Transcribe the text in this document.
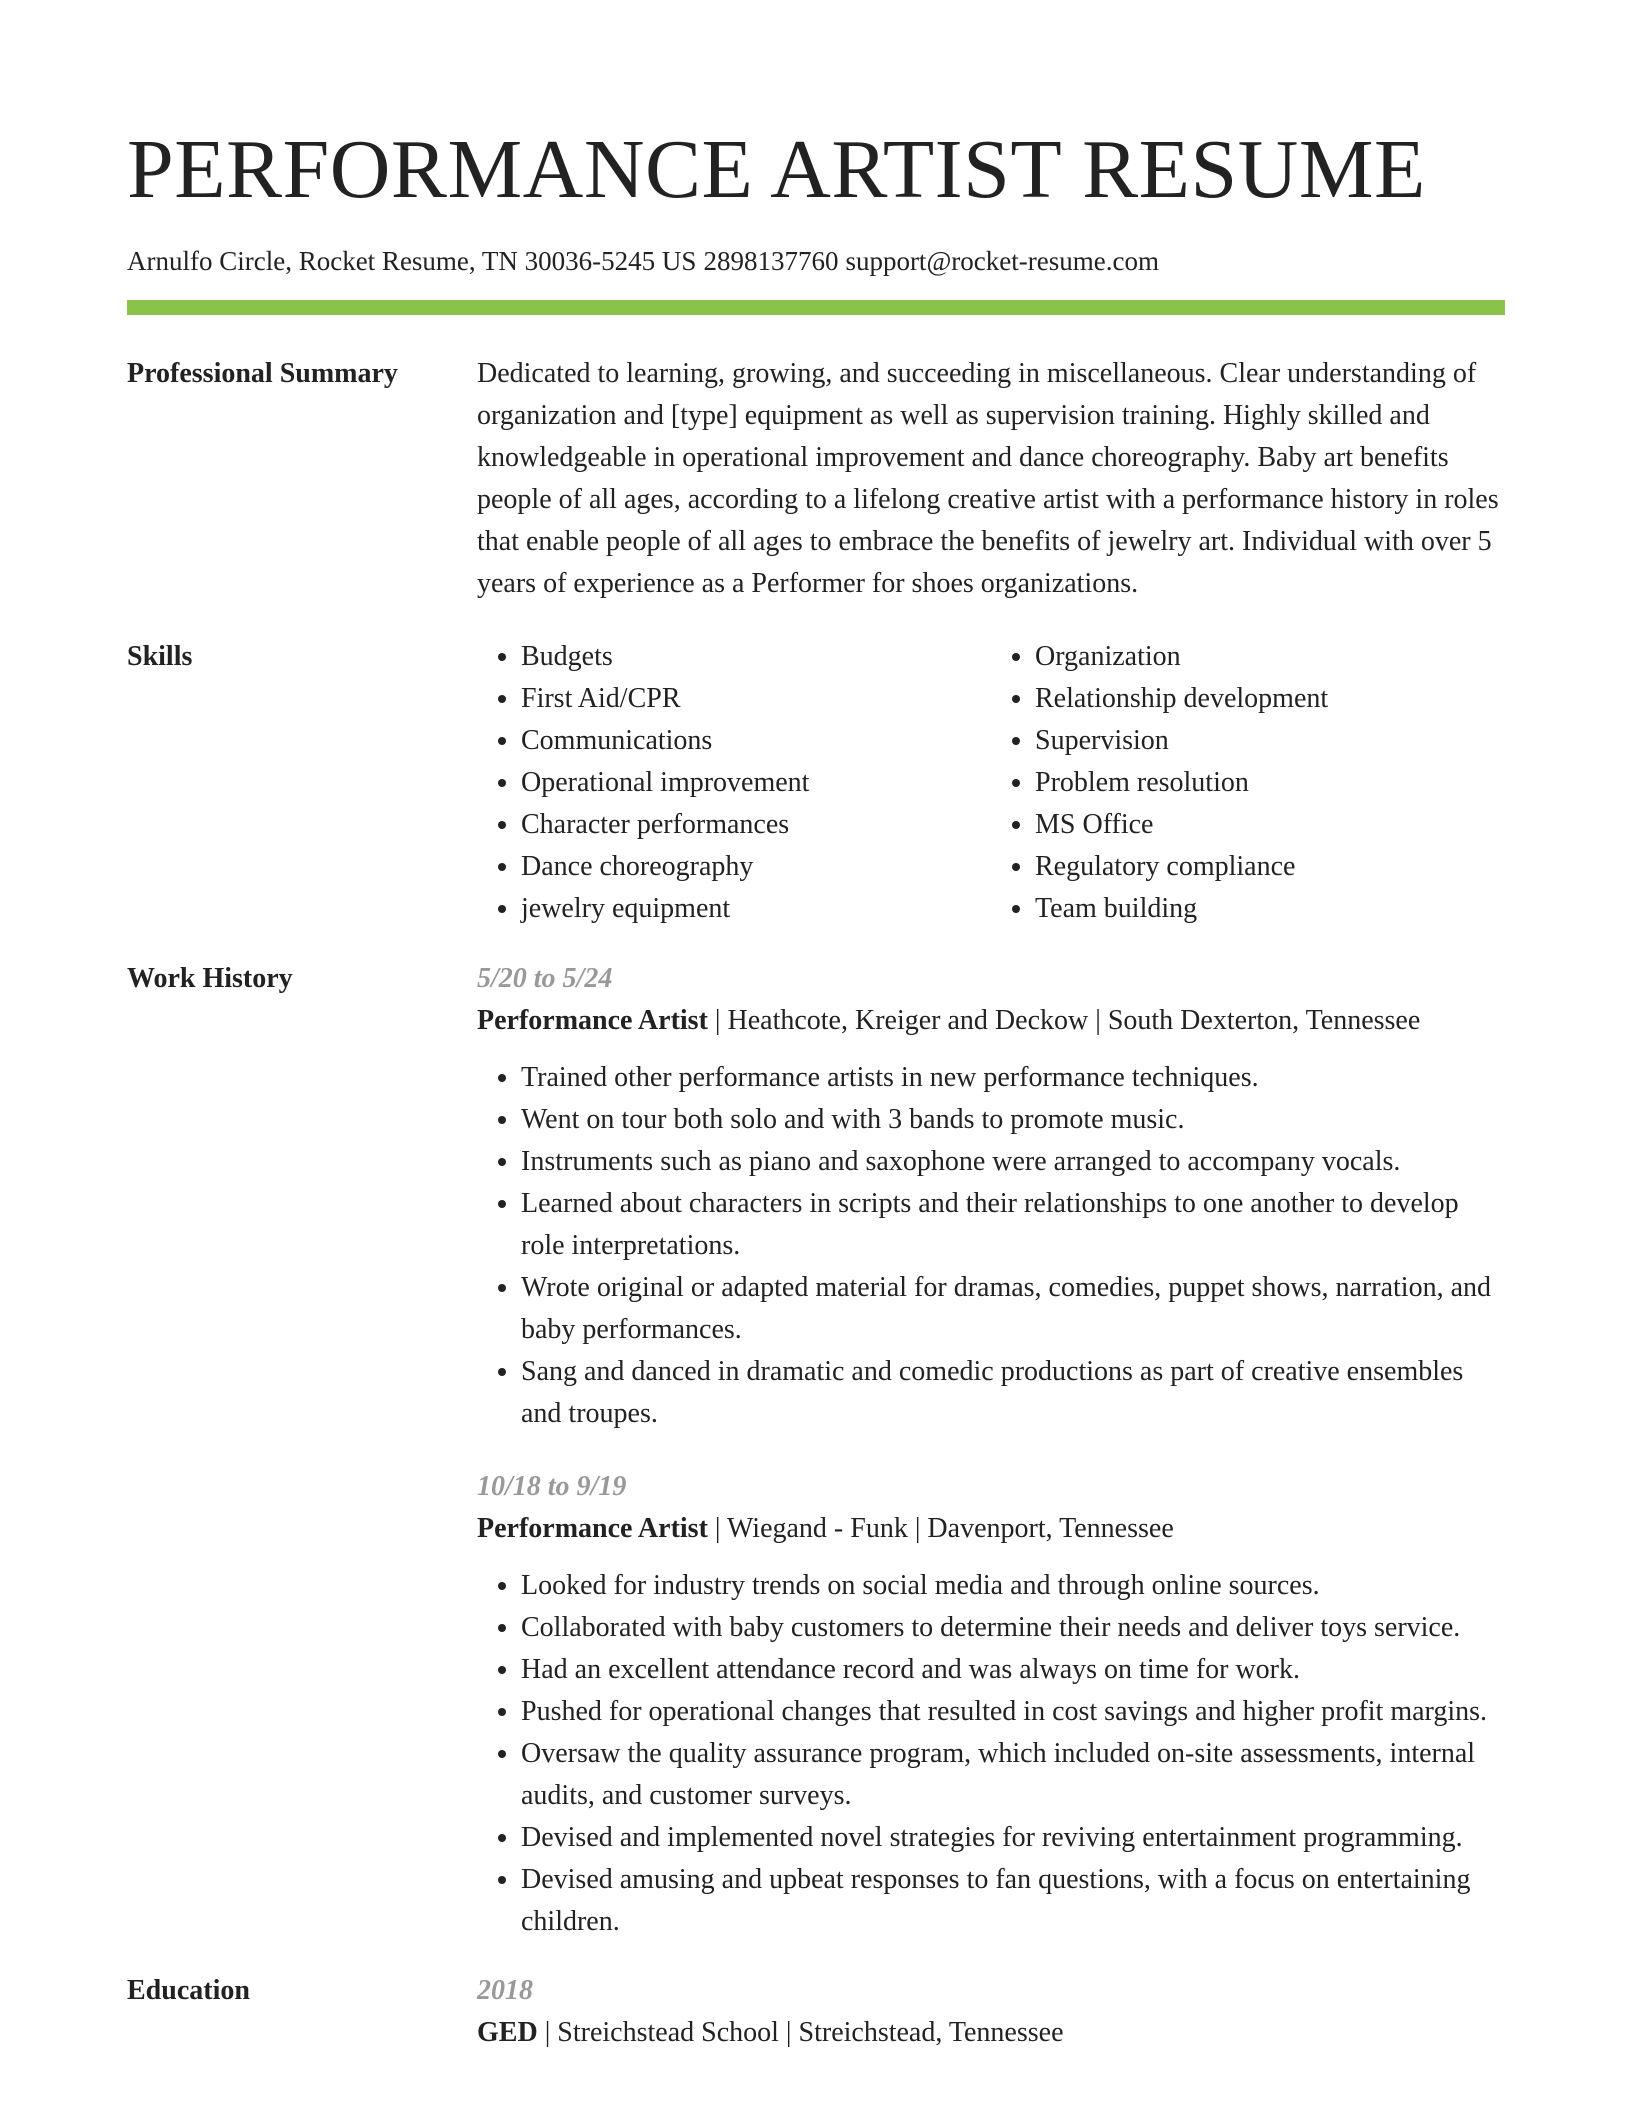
PERFORMANCE ARTIST RESUME
Arnulfo Circle, Rocket Resume, TN 30036-5245 US 2898137760 support@rocket-resume.com
Professional Summary	Dedicated to learning, growing, and succeeding in miscellaneous. Clear understanding of organization and [type] equipment as well as supervision training. Highly skilled and knowledgeable in operational improvement and dance choreography. Baby art benefits people of all ages, according to a lifelong creative artist with a performance history in roles that enable people of all ages to embrace the benefits of jewelry art. Individual with over 5 years of experience as a Performer for shoes organizations.

Skills
•	Budgets
• First Aid/CPR
• Communications
• Operational improvement
• Character performances
• Dance choreography
• jewelry equipment
• Organization
• Relationship development
• Supervision
• Problem resolution
• MS Office
• Regulatory compliance
• Team building
Work History	5/20 to 5/24
Performance Artist | Heathcote, Kreiger and Deckow | South Dexterton, Tennessee
• Trained other performance artists in new performance techniques.
• Went on tour both solo and with 3 bands to promote music.
• Instruments such as piano and saxophone were arranged to accompany vocals.
• Learned about characters in scripts and their relationships to one another to develop role interpretations.
• Wrote original or adapted material for dramas, comedies, puppet shows, narration, and baby performances.
• Sang and danced in dramatic and comedic productions as part of creative ensembles and troupes.
10/18 to 9/19
Performance Artist | Wiegand - Funk | Davenport, Tennessee
• Looked for industry trends on social media and through online sources.
• Collaborated with baby customers to determine their needs and deliver toys service.
• Had an excellent attendance record and was always on time for work.
• Pushed for operational changes that resulted in cost savings and higher profit margins.
• Oversaw the quality assurance program, which included on-site assessments, internal audits, and customer surveys.
• Devised and implemented novel strategies for reviving entertainment programming.
• Devised amusing and upbeat responses to fan questions, with a focus on entertaining children.
Education	2018
GED | Streichstead School | Streichstead, Tennessee
